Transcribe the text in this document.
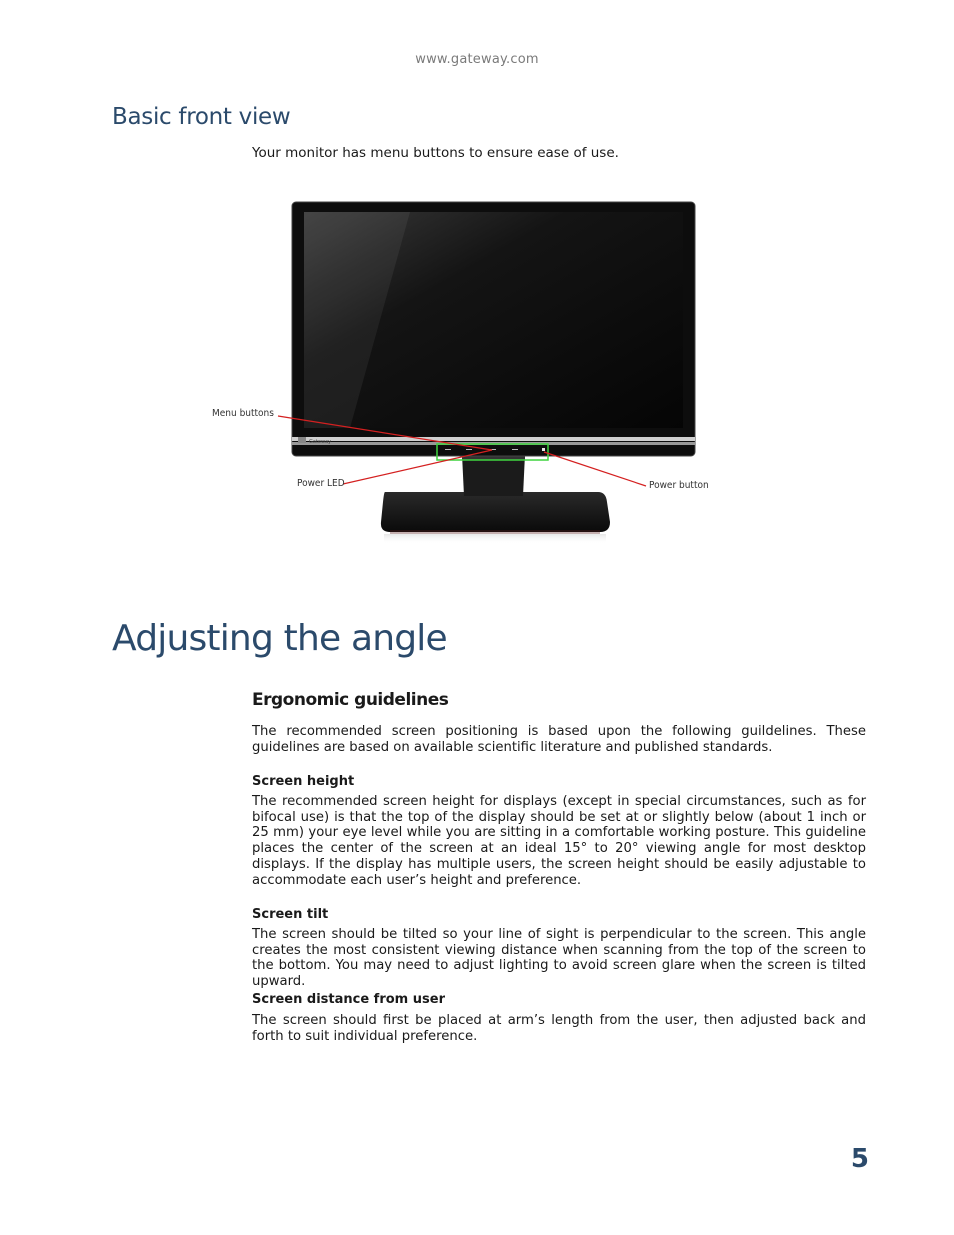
www.gateway.com
Basic front view
Your monitor has menu buttons to ensure ease of use.
Gateway
Menu buttons
Power LED	Power button
Adjusting the angle
Ergonomic guidelines
The recommended screen positioning is based upon the following guildelines. These guidelines are based on available scientific literature and published standards.
Screen height
The recommended screen height for displays (except in special circumstances, such as for bifocal use) is that the top of the display should be set at or slightly below (about 1 inch or 25 mm) your eye level while you are sitting in a comfortable working posture. This guideline places the center of the screen at an ideal 15° to 20° viewing angle for most desktop displays. If the display has multiple users, the screen height should be easily adjustable to accommodate each user’s height and preference.
Screen tilt
The screen should be tilted so your line of sight is perpendicular to the screen. This angle creates the most consistent viewing distance when scanning from the top of the screen to the bottom. You may need to adjust lighting to avoid screen glare when the screen is tilted upward.
Screen distance from user
The screen should first be placed at arm’s length from the user, then adjusted back and forth to suit individual preference.
5
